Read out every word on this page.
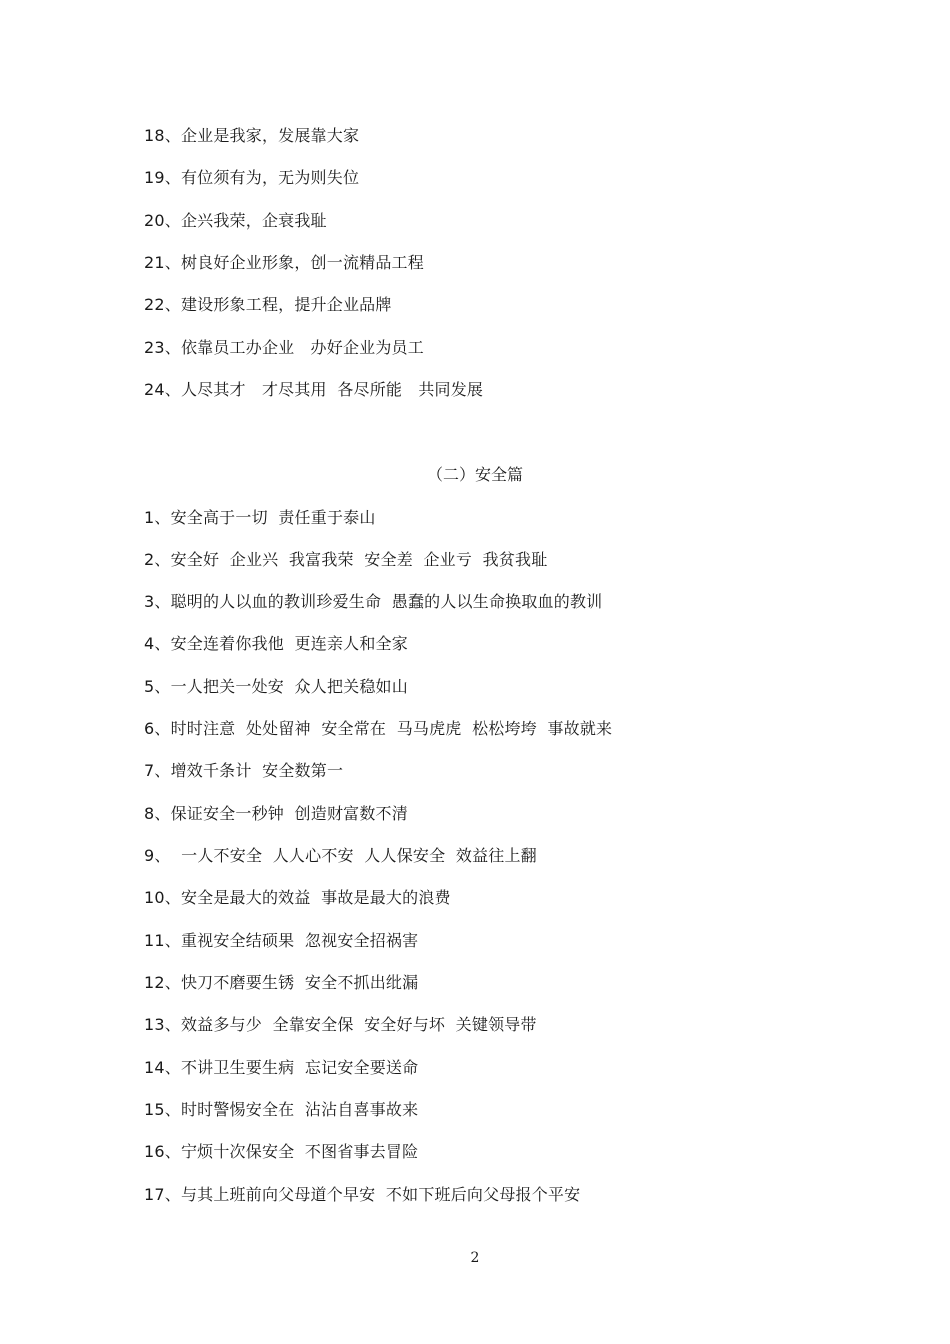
18、企业是我家，发展靠大家
19、有位须有为，无为则失位
20、企兴我荣，企衰我耻
21、树良好企业形象，创一流精品工程
22、建设形象工程，提升企业品牌
23、依靠员工办企业　办好企业为员工
24、人尽其才　才尽其用  各尽所能　共同发展
（二）安全篇
1、安全高于一切  责任重于泰山
2、安全好  企业兴  我富我荣  安全差  企业亏  我贫我耻
3、聪明的人以血的教训珍爱生命  愚蠢的人以生命换取血的教训
4、安全连着你我他  更连亲人和全家
5、一人把关一处安  众人把关稳如山
6、时时注意  处处留神  安全常在  马马虎虎  松松垮垮  事故就来
7、增效千条计  安全数第一
8、保证安全一秒钟  创造财富数不清
9、  一人不安全  人人心不安  人人保安全  效益往上翻
10、安全是最大的效益  事故是最大的浪费
11、重视安全结硕果  忽视安全招祸害
12、快刀不磨要生锈  安全不抓出纰漏
13、效益多与少  全靠安全保  安全好与坏  关键领导带
14、不讲卫生要生病  忘记安全要送命
15、时时警惕安全在  沾沾自喜事故来
16、宁烦十次保安全  不图省事去冒险
17、与其上班前向父母道个早安  不如下班后向父母报个平安
2
